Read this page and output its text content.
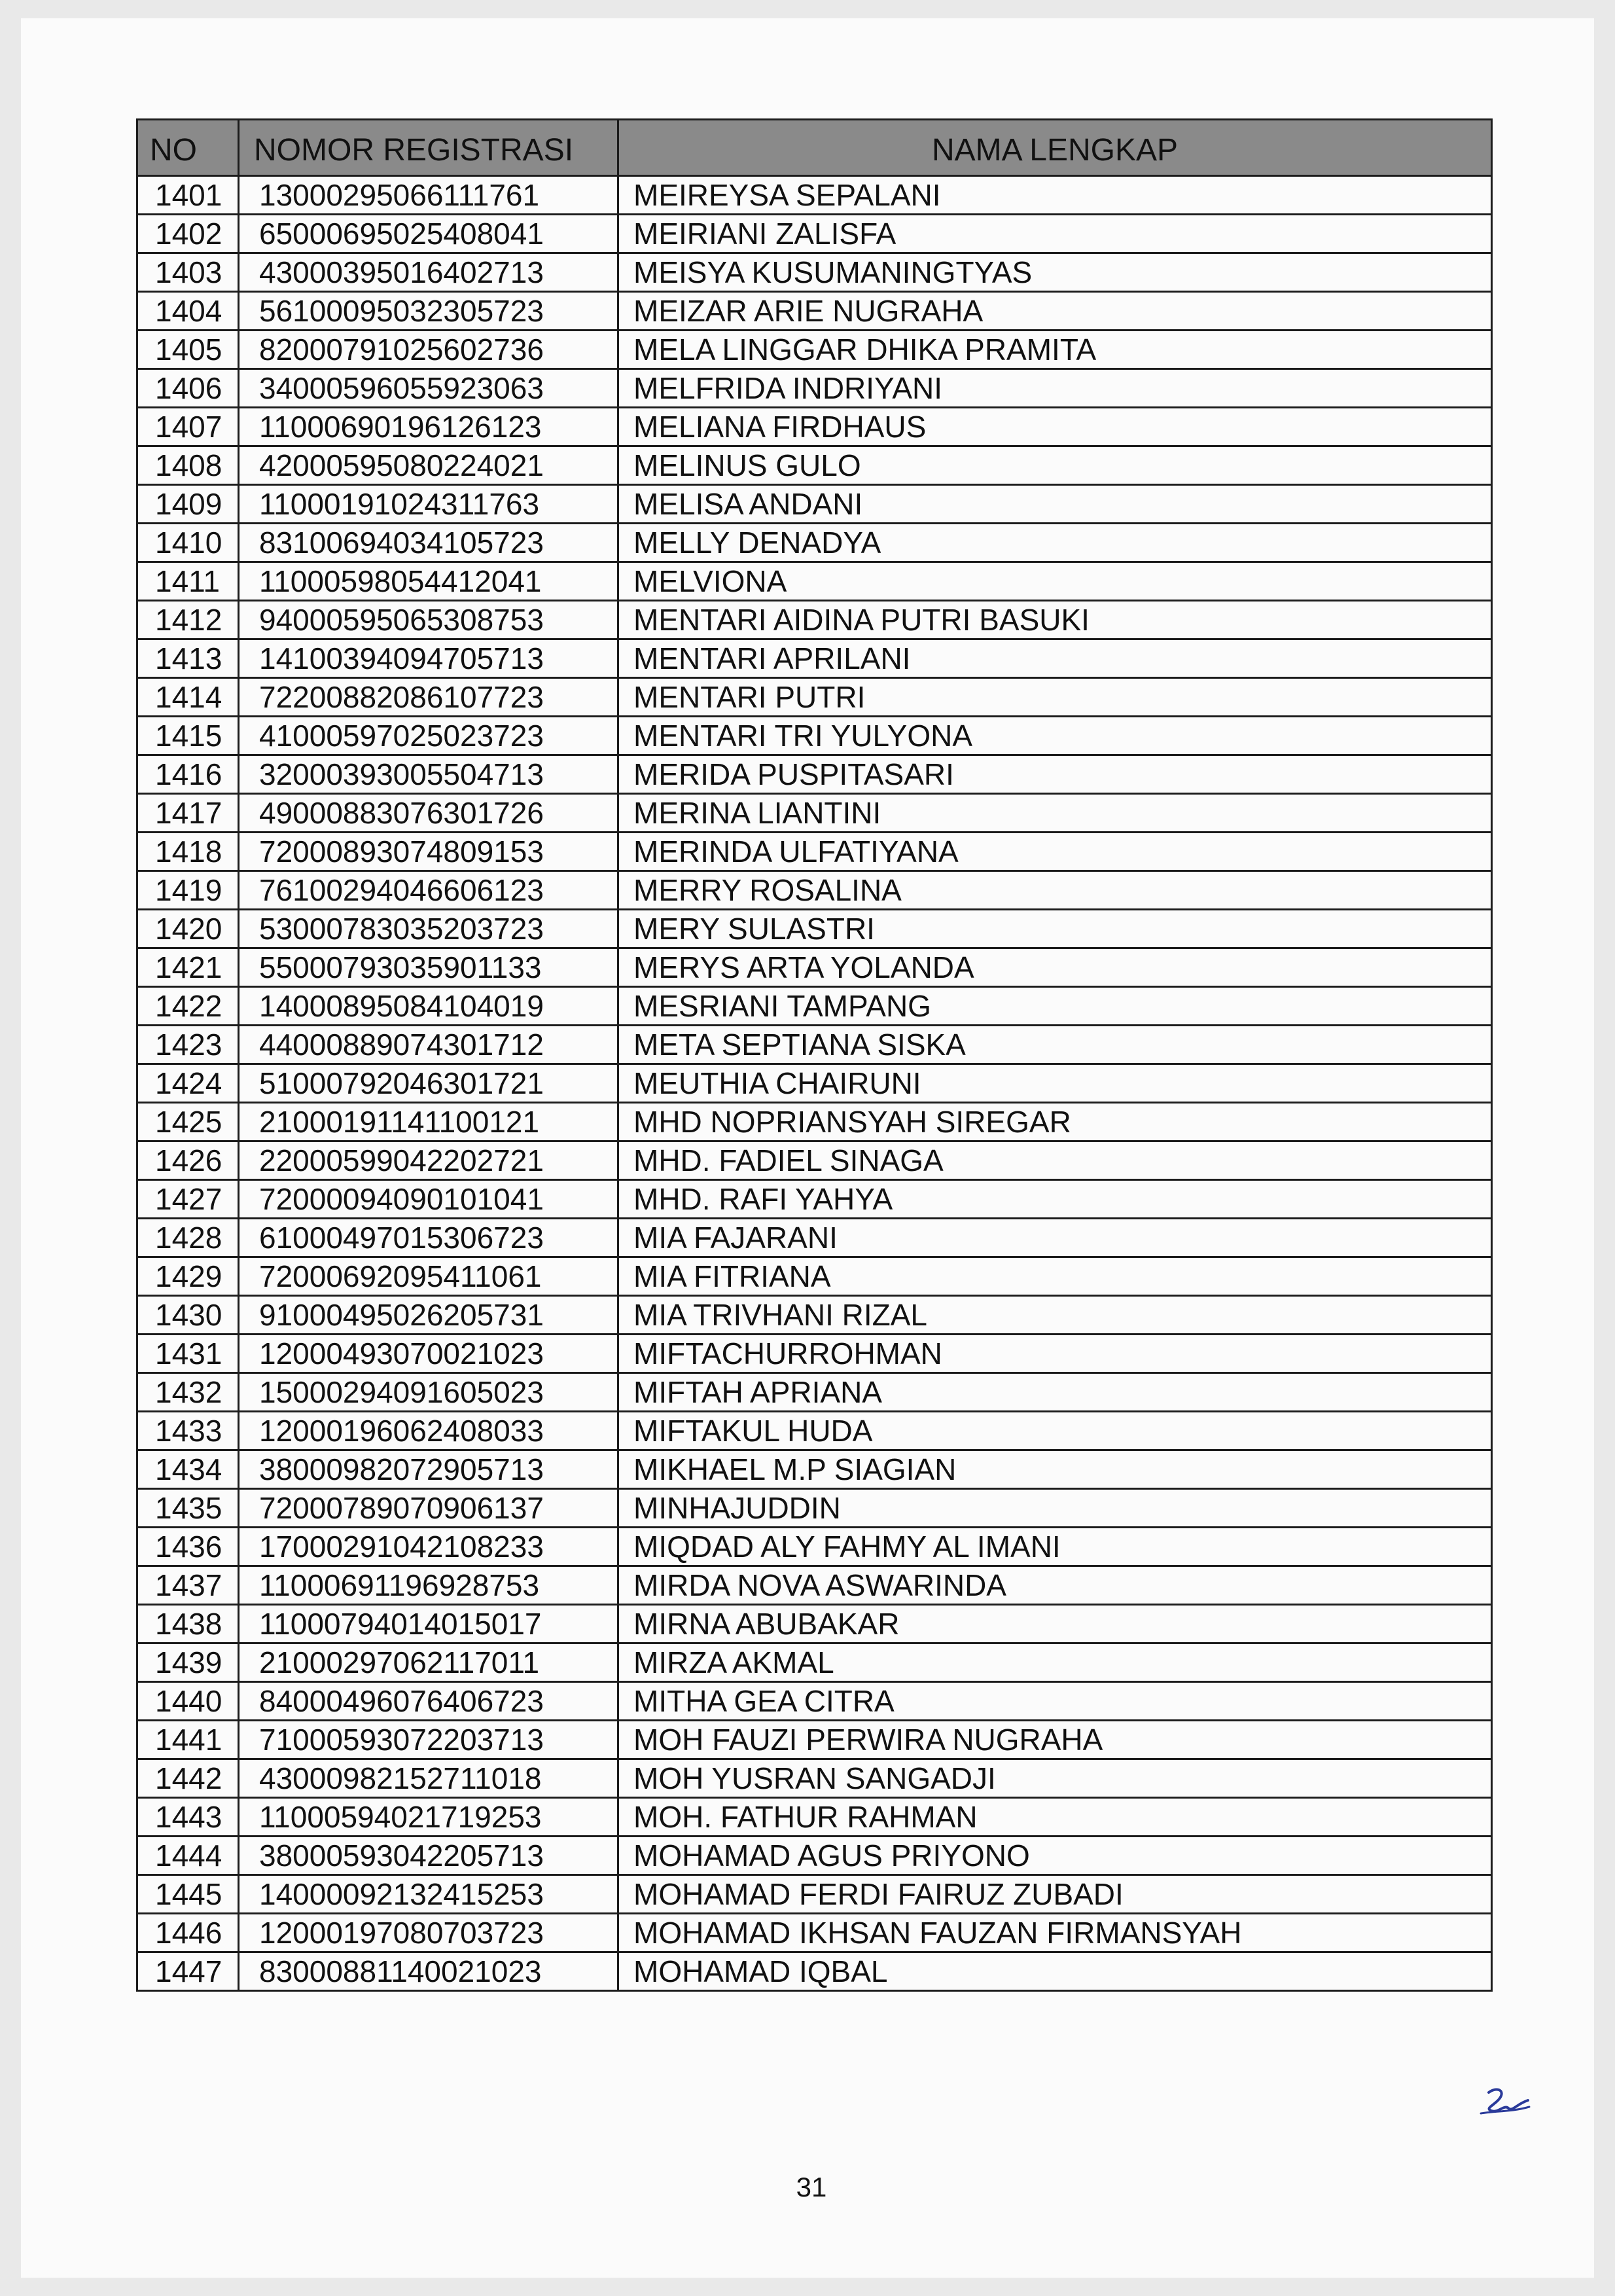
NO	NOMOR REGISTRASI	NAMA LENGKAP
1401	13000295066111761	MEIREYSA SEPALANI
1402	65000695025408041	MEIRIANI ZALISFA
1403	43000395016402713	MEISYA KUSUMANINGTYAS
1404	56100095032305723	MEIZAR ARIE NUGRAHA
1405	82000791025602736	MELA LINGGAR DHIKA PRAMITA
1406	34000596055923063	MELFRIDA INDRIYANI
1407	11000690196126123	MELIANA FIRDHAUS
1408	42000595080224021	MELINUS GULO
1409	11000191024311763	MELISA ANDANI
1410	83100694034105723	MELLY DENADYA
1411	11000598054412041	MELVIONA
1412	94000595065308753	MENTARI AIDINA PUTRI BASUKI
1413	14100394094705713	MENTARI APRILANI
1414	72200882086107723	MENTARI PUTRI
1415	41000597025023723	MENTARI TRI YULYONA
1416	32000393005504713	MERIDA PUSPITASARI
1417	49000883076301726	MERINA LIANTINI
1418	72000893074809153	MERINDA ULFATIYANA
1419	76100294046606123	MERRY ROSALINA
1420	53000783035203723	MERY SULASTRI
1421	55000793035901133	MERYS ARTA YOLANDA
1422	14000895084104019	MESRIANI TAMPANG
1423	44000889074301712	META SEPTIANA SISKA
1424	51000792046301721	MEUTHIA CHAIRUNI
1425	21000191141100121	MHD NOPRIANSYAH SIREGAR
1426	22000599042202721	MHD. FADIEL SINAGA
1427	72000094090101041	MHD. RAFI YAHYA
1428	61000497015306723	MIA FAJARANI
1429	72000692095411061	MIA FITRIANA
1430	91000495026205731	MIA TRIVHANI RIZAL
1431	12000493070021023	MIFTACHURROHMAN
1432	15000294091605023	MIFTAH APRIANA
1433	12000196062408033	MIFTAKUL HUDA
1434	38000982072905713	MIKHAEL M.P SIAGIAN
1435	72000789070906137	MINHAJUDDIN
1436	17000291042108233	MIQDAD ALY FAHMY AL IMANI
1437	11000691196928753	MIRDA NOVA ASWARINDA
1438	11000794014015017	MIRNA ABUBAKAR
1439	21000297062117011	MIRZA AKMAL
1440	84000496076406723	MITHA GEA CITRA
1441	71000593072203713	MOH FAUZI PERWIRA NUGRAHA
1442	43000982152711018	MOH YUSRAN SANGADJI
1443	11000594021719253	MOH. FATHUR RAHMAN
1444	38000593042205713	MOHAMAD AGUS PRIYONO
1445	14000092132415253	MOHAMAD FERDI FAIRUZ ZUBADI
1446	12000197080703723	MOHAMAD IKHSAN FAUZAN FIRMANSYAH
1447	83000881140021023	MOHAMAD IQBAL
31
